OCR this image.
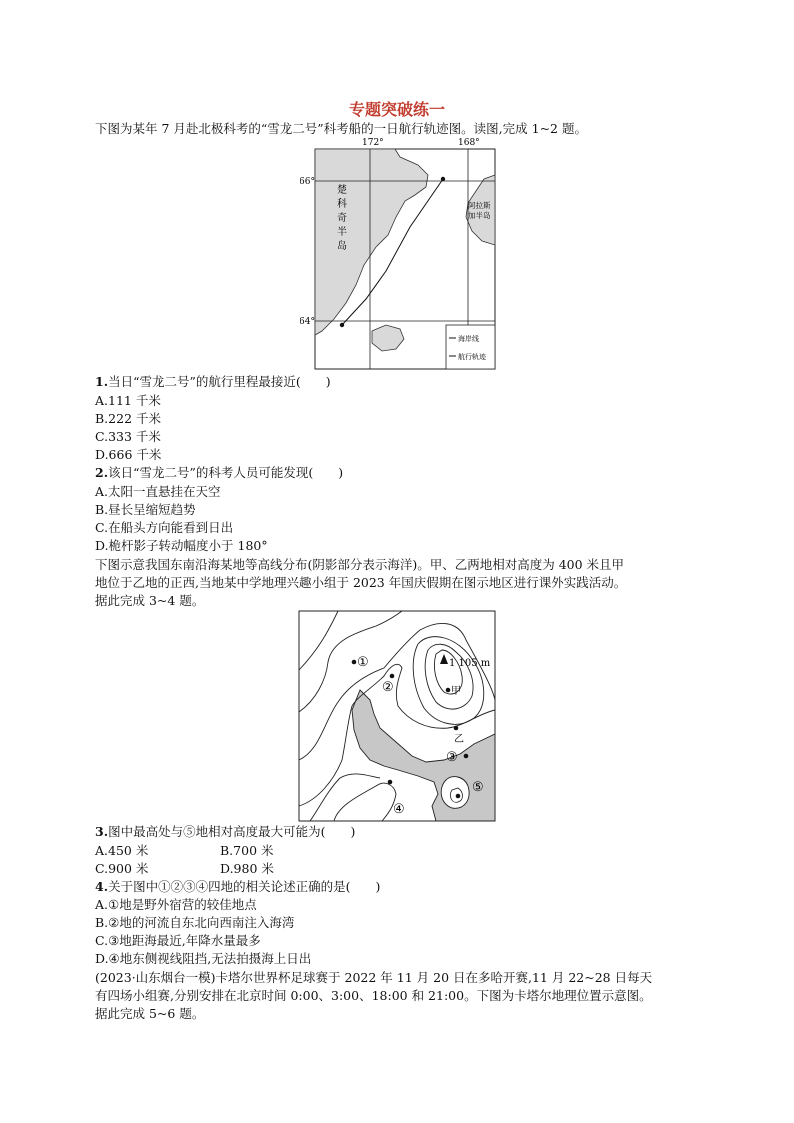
专题突破练一
下图为某年 7 月赴北极科考的“雪龙二号”科考船的一日航行轨迹图。读图,完成 1~2 题。
172°	168°
66°
64°
楚
科
奇
半
岛
阿拉斯
加半岛
海岸线
航行轨迹
1.当日“雪龙二号”的航行里程最接近(　　)
A.111 千米
B.222 千米
C.333 千米
D.666 千米
2.该日“雪龙二号”的科考人员可能发现(　　)
A.太阳一直悬挂在天空
B.昼长呈缩短趋势
C.在船头方向能看到日出
D.桅杆影子转动幅度小于 180°
下图示意我国东南沿海某地等高线分布(阴影部分表示海洋)。甲、乙两地相对高度为 400 米且甲
地位于乙地的正西,当地某中学地理兴趣小组于 2023 年国庆假期在图示地区进行课外实践活动。
据此完成 3~4 题。
①
②
③
④
⑤
1 105 m
甲
乙
3.图中最高处与⑤地相对高度最大可能为(　　)
A.450 米	B.700 米
C.900 米	D.980 米
4.关于图中①②③④四地的相关论述正确的是(　　)
A.①地是野外宿营的较佳地点
B.②地的河流自东北向西南注入海湾
C.③地距海最近,年降水量最多
D.④地东侧视线阻挡,无法拍摄海上日出
(2023·山东烟台一模)卡塔尔世界杯足球赛于 2022 年 11 月 20 日在多哈开赛,11 月 22~28 日每天
有四场小组赛,分别安排在北京时间 0:00、3:00、18:00 和 21:00。下图为卡塔尔地理位置示意图。
据此完成 5~6 题。
